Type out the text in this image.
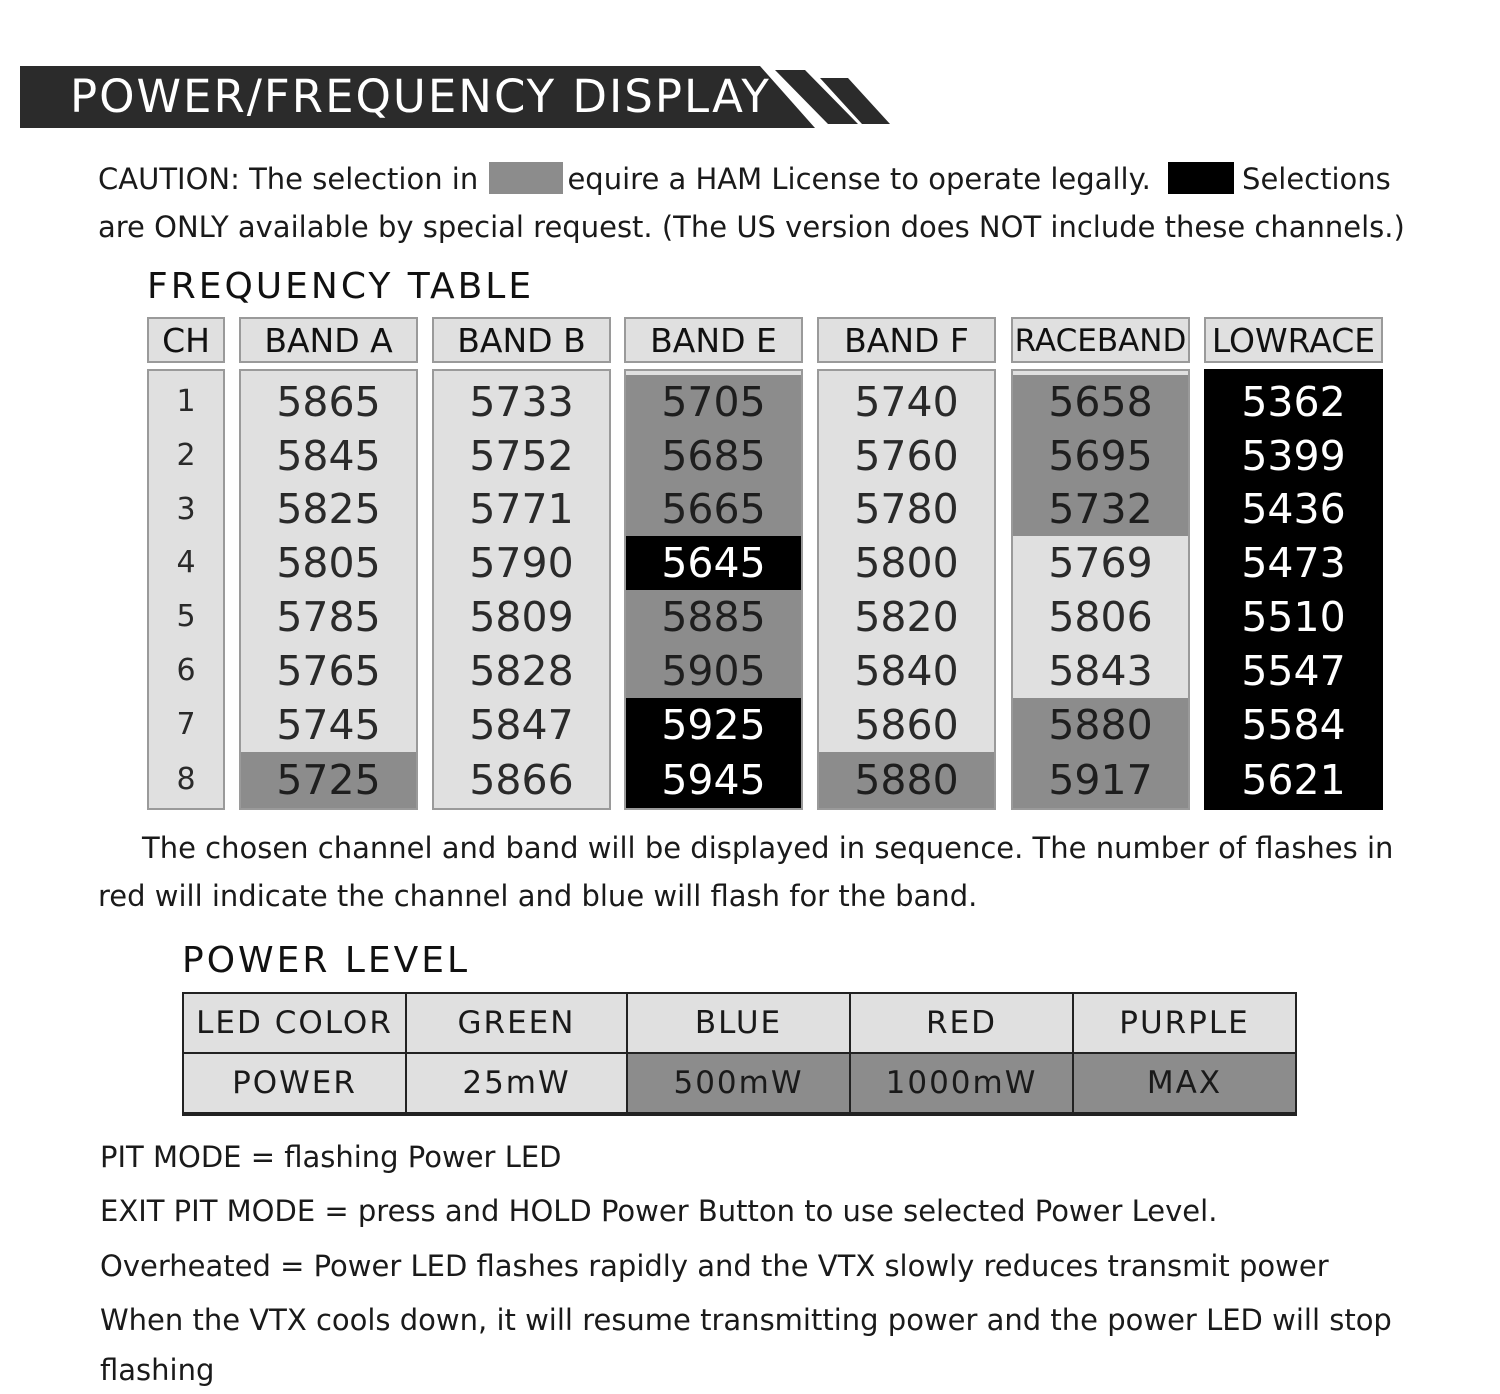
POWER/FREQUENCY DISPLAY
CAUTION: The selection in	equire a HAM License to operate legally.	Selections
are ONLY available by special request. (The US version does NOT include these channels.)
FREQUENCY TABLE
CH
1
2
3
4
5
6
7
8
BAND A
5865
5845
5825
5805
5785
5765
5745
5725
BAND B
5733
5752
5771
5790
5809
5828
5847
5866
BAND E
5705
5685
5665
5645
5885
5905
5925
5945
BAND F
5740
5760
5780
5800
5820
5840
5860
5880
RACEBAND
5658
5695
5732
5769
5806
5843
5880
5917
LOWRACE
5362
5399
5436
5473
5510
5547
5584
5621
The chosen channel and band will be displayed in sequence. The number of flashes in
red will indicate the channel and blue will flash for the band.
POWER LEVEL
LED COLOR
POWER
GREEN
25mW
BLUE
500mW
RED
1000mW
PURPLE
MAX
PIT MODE = flashing Power LED
EXIT PIT MODE = press and HOLD Power Button to use selected Power Level.
Overheated = Power LED flashes rapidly and the VTX slowly reduces transmit power
When the VTX cools down, it will resume transmitting power and the power LED will stop
flashing
